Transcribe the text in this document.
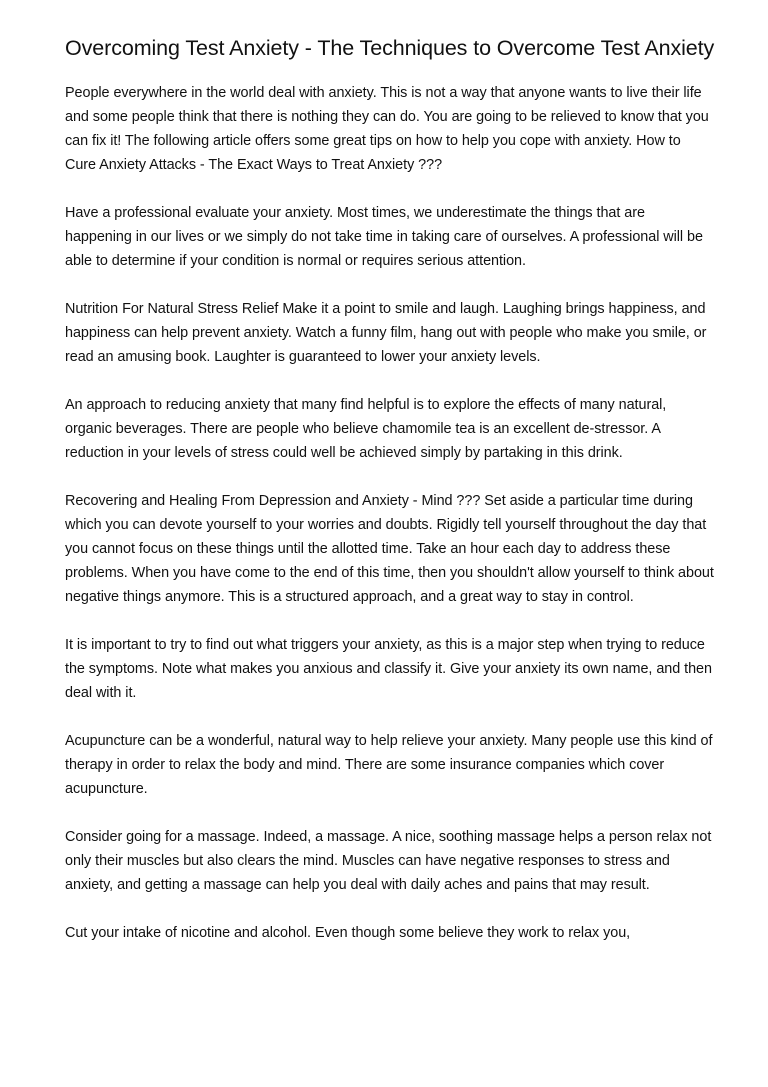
Overcoming Test Anxiety - The Techniques to Overcome Test Anxiety

People everywhere in the world deal with anxiety. This is not a way that anyone wants to live their life and some people think that there is nothing they can do. You are going to be relieved to know that you can fix it! The following article offers some great tips on how to help you cope with anxiety. How to Cure Anxiety Attacks - The Exact Ways to Treat Anxiety ???

Have a professional evaluate your anxiety. Most times, we underestimate the things that are happening in our lives or we simply do not take time in taking care of ourselves. A professional will be able to determine if your condition is normal or requires serious attention.

Nutrition For Natural Stress Relief Make it a point to smile and laugh. Laughing brings happiness, and happiness can help prevent anxiety. Watch a funny film, hang out with people who make you smile, or read an amusing book. Laughter is guaranteed to lower your anxiety levels.

An approach to reducing anxiety that many find helpful is to explore the effects of many natural, organic beverages. There are people who believe chamomile tea is an excellent de-stressor. A reduction in your levels of stress could well be achieved simply by partaking in this drink.

Recovering and Healing From Depression and Anxiety - Mind ??? Set aside a particular time during which you can devote yourself to your worries and doubts. Rigidly tell yourself throughout the day that you cannot focus on these things until the allotted time. Take an hour each day to address these problems. When you have come to the end of this time, then you shouldn't allow yourself to think about negative things anymore. This is a structured approach, and a great way to stay in control.

It is important to try to find out what triggers your anxiety, as this is a major step when trying to reduce the symptoms. Note what makes you anxious and classify it. Give your anxiety its own name, and then deal with it.

Acupuncture can be a wonderful, natural way to help relieve your anxiety. Many people use this kind of therapy in order to relax the body and mind. There are some insurance companies which cover acupuncture.

Consider going for a massage. Indeed, a massage. A nice, soothing massage helps a person relax not only their muscles but also clears the mind. Muscles can have negative responses to stress and anxiety, and getting a massage can help you deal with daily aches and pains that may result.

Cut your intake of nicotine and alcohol. Even though some believe they work to relax you,
